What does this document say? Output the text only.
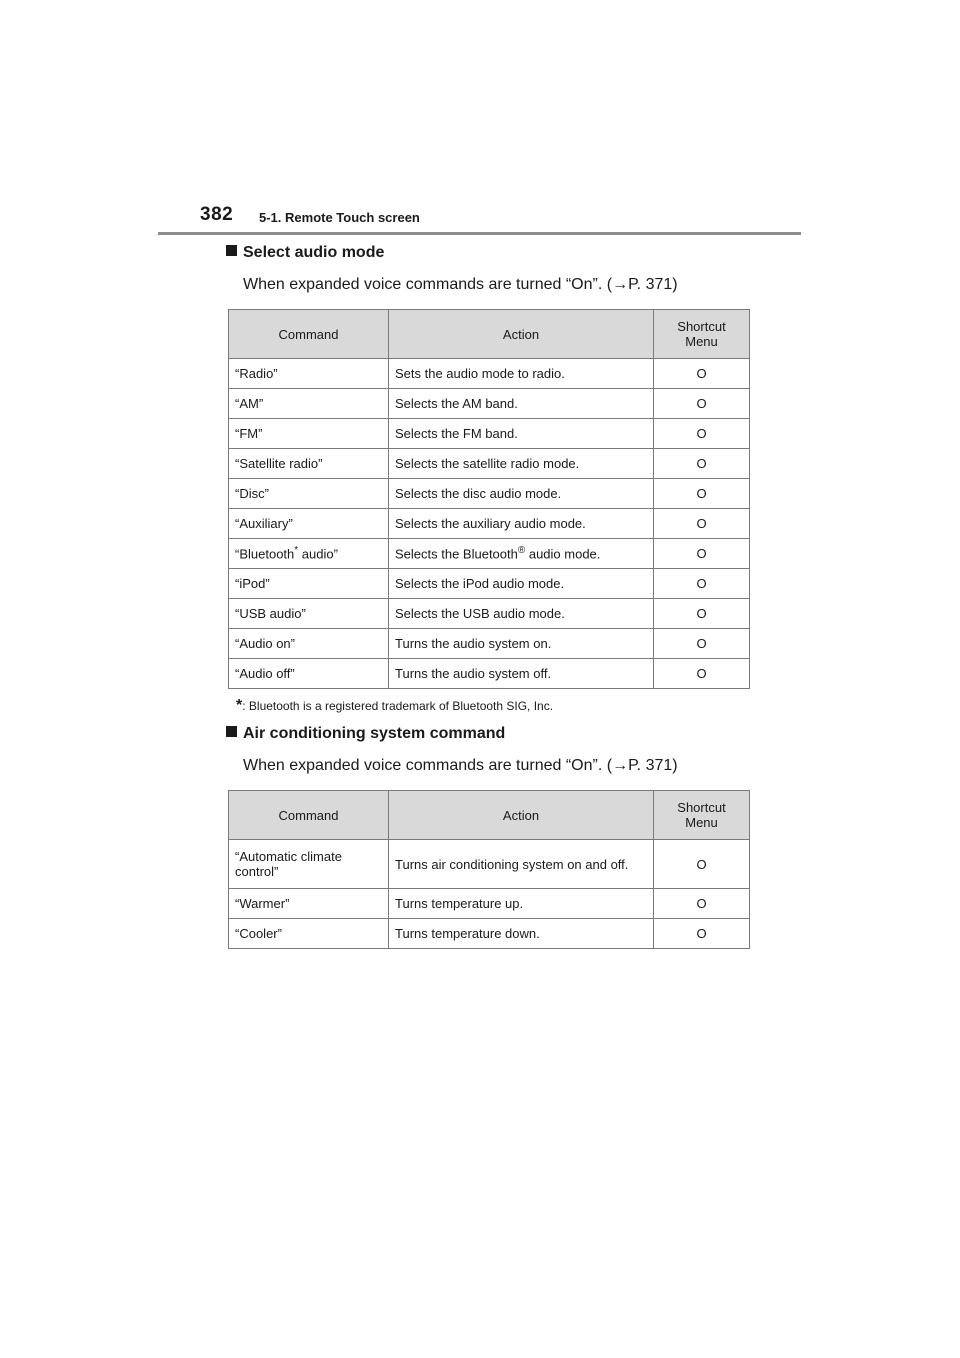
382 5-1. Remote Touch screen
Select audio mode
When expanded voice commands are turned “On”. (→P. 371)
Command	Action	Shortcut Menu
“Radio”	Sets the audio mode to radio.	O
“AM”	Selects the AM band.	O
“FM”	Selects the FM band.	O
“Satellite radio”	Selects the satellite radio mode.	O
“Disc”	Selects the disc audio mode.	O
“Auxiliary”	Selects the auxiliary audio mode.	O
“Bluetooth* audio”	Selects the Bluetooth® audio mode.	O
“iPod”	Selects the iPod audio mode.	O
“USB audio”	Selects the USB audio mode.	O
“Audio on”	Turns the audio system on.	O
“Audio off”	Turns the audio system off.	O
*: Bluetooth is a registered trademark of Bluetooth SIG, Inc.
Air conditioning system command
When expanded voice commands are turned “On”. (→P. 371)
Command	Action	Shortcut Menu
“Automatic climate control”	Turns air conditioning system on and off.	O
“Warmer”	Turns temperature up.	O
“Cooler”	Turns temperature down.	O
